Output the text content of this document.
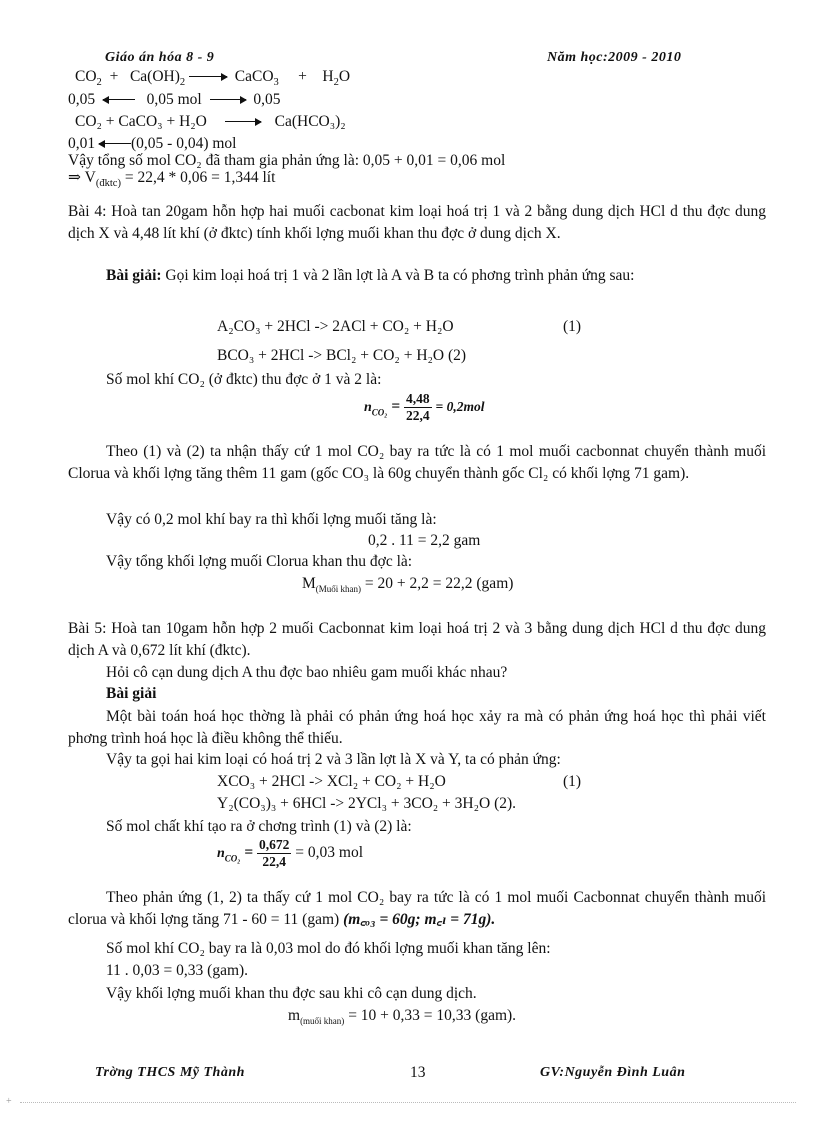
Giáo án hóa 8 - 9	Năm học:2009 - 2010
$CO_2 + Ca(OH)_2$	CaCO$_3$ + $H_2O$
0,05	0,05 mol	0,05
CO₂ + CaCO₃ + H₂O	Ca(HCO₃)₂
0,01 (0,05 - 0,04) mol
Vậy tổng số mol CO₂ đã tham gia phản ứng là: 0,05 + 0,01 = 0,06 mol
⇒ $V_{(đktc)} = 22,4 * 0,06 = 1,344$ lít
Bài 4: Hoà tan 20gam hỗn hợp hai muối cacbonat kim loại hoá trị 1 và 2 bằng dung dịch HCl d thu đợc dung dịch X và 4,48 lít khí (ở đktc) tính khối lợng muối khan thu đợc ở dung dịch X.
Bài giải: Gọi kim loại hoá trị 1 và 2 lần lợt là A và B ta có phơng trình phản ứng sau:
A₂CO₃ + 2HCl -> 2ACl + CO₂ + H₂O	(1)
BCO₃ + 2HCl -> BCl₂ + CO₂ + H₂O (2)
Số mol khí CO₂ (ở đktc) thu đợc ở 1 và 2 là:
$n_{CO_2} = \frac{4,48}{22,4} = 0,2mol$
Theo (1) và (2) ta nhận thấy cứ 1 mol CO₂ bay ra tức là có 1 mol muối cacbonnat chuyển thành muối Clorua và khối lợng tăng thêm 11 gam (gốc CO₃ là 60g chuyển thành gốc Cl₂ có khối lợng 71 gam).
Vậy có 0,2 mol khí bay ra thì khối lợng muối tăng là:
0,2 . 11 = 2,2 gam
Vậy tổng khối lợng muối Clorua khan thu đợc là:
$M_{(Muối khan)} = 20 + 2,2 = 22,2$ (gam)
Bài 5: Hoà tan 10gam hỗn hợp 2 muối Cacbonnat kim loại hoá trị 2 và 3 bằng dung dịch HCl d thu đợc dung dịch A và 0,672 lít khí (đktc).
Hỏi cô cạn dung dịch A thu đợc bao nhiêu gam muối khác nhau?
Bài giải
Một bài toán hoá học thờng là phải có phản ứng hoá học xảy ra mà có phản ứng hoá học thì phải viết phơng trình hoá học là điều không thể thiếu.
Vậy ta gọi hai kim loại có hoá trị 2 và 3 lần lợt là X và Y, ta có phản ứng:
XCO₃ + 2HCl -> XCl₂ + CO₂ + H₂O	(1)
Y₂(CO₃)₃ + 6HCl -> 2YCl₃ + 3CO₂ + 3H₂O (2).
Số mol chất khí tạo ra ở chơng trình (1) và (2) là:
$n_{CO_2} = \frac{0,672}{22,4} = 0,03$ mol
Theo phản ứng (1, 2) ta thấy cứ 1 mol CO₂ bay ra tức là có 1 mol muối Cacbonnat chuyển thành muối clorua và khối lợng tăng 71 - 60 = 11 (gam) (m꜀ₒ₃ = 60g; m꜀ₗ = 71g).
Số mol khí CO₂ bay ra là 0,03 mol do đó khối lợng muối khan tăng lên:
11 . 0,03 = 0,33 (gam).
Vậy khối lợng muối khan thu đợc sau khi cô cạn dung dịch.
$m_{(muối khan)} = 10 + 0,33 = 10,33$ (gam).
Trờng THCS Mỹ Thành	13	GV:Nguyễn Đình Luân
+
